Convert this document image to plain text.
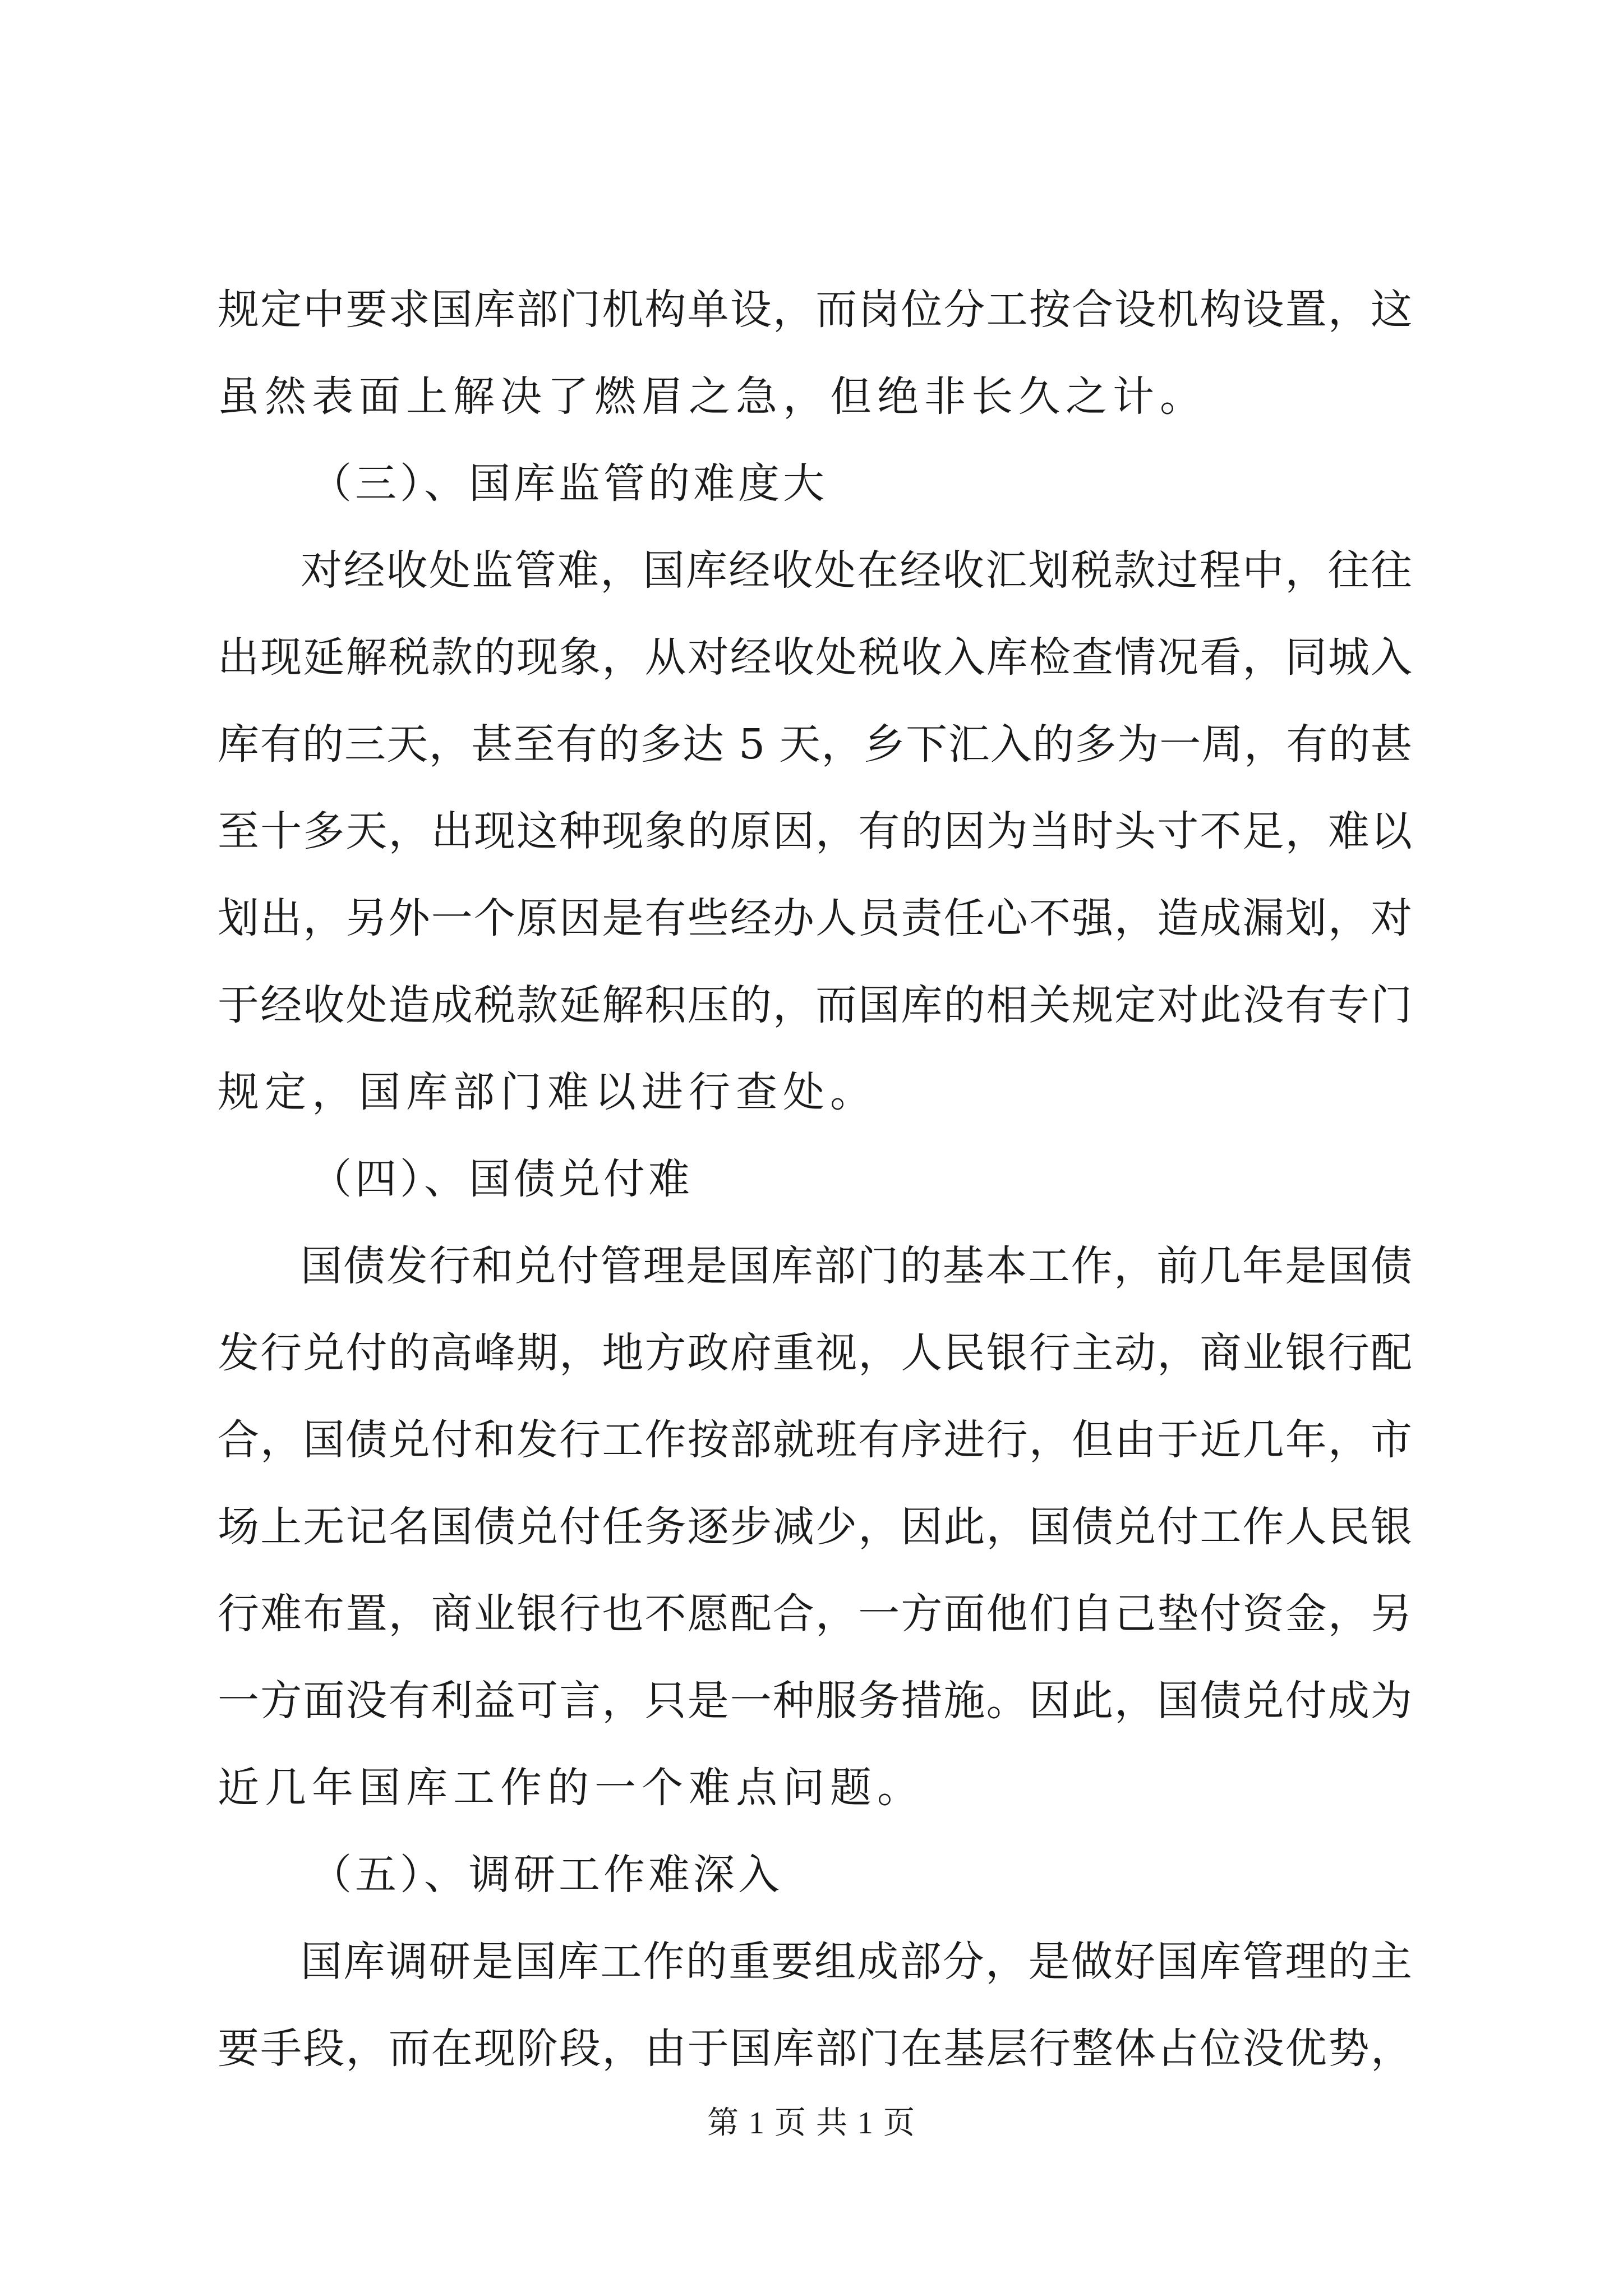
规定中要求国库部门机构单设，而岗位分工按合设机构设置，这
虽然表面上解决了燃眉之急，但绝非长久之计。
（三）、国库监管的难度大
对经收处监管难，国库经收处在经收汇划税款过程中，往往
出现延解税款的现象，从对经收处税收入库检查情况看，同城入
库有的三天，甚至有的多达 5 天，乡下汇入的多为一周，有的甚
至十多天，出现这种现象的原因，有的因为当时头寸不足，难以
划出，另外一个原因是有些经办人员责任心不强，造成漏划，对
于经收处造成税款延解积压的，而国库的相关规定对此没有专门
规定，国库部门难以进行查处。
（四）、国债兑付难
国债发行和兑付管理是国库部门的基本工作，前几年是国债
发行兑付的高峰期，地方政府重视，人民银行主动，商业银行配
合，国债兑付和发行工作按部就班有序进行，但由于近几年，市
场上无记名国债兑付任务逐步减少，因此，国债兑付工作人民银
行难布置，商业银行也不愿配合，一方面他们自己垫付资金，另
一方面没有利益可言，只是一种服务措施。因此，国债兑付成为
近几年国库工作的一个难点问题。
（五）、调研工作难深入
国库调研是国库工作的重要组成部分，是做好国库管理的主
要手段，而在现阶段，由于国库部门在基层行整体占位没优势，
第 1 页 共 1 页
